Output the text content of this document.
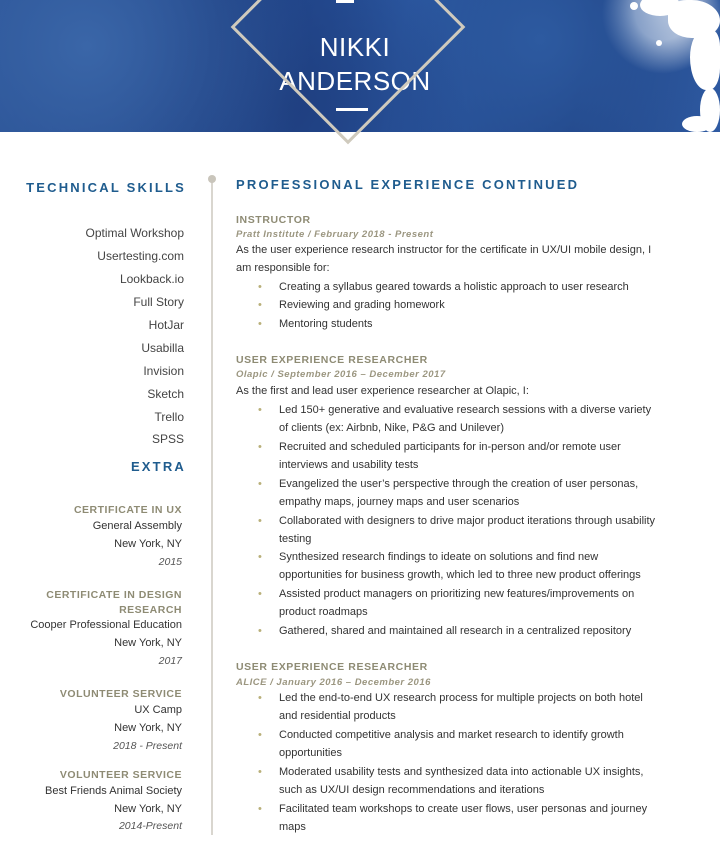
NIKKI
ANDERSON
TECHNICAL SKILLS
Optimal Workshop
Usertesting.com
Lookback.io
Full Story
HotJar
Usabilla
Invision
Sketch
Trello
SPSS
EXTRA
CERTIFICATE IN UX
General Assembly
New York, NY
2015
CERTIFICATE IN DESIGN
RESEARCH
Cooper Professional Education
New York, NY
2017
VOLUNTEER SERVICE
UX Camp
New York, NY
2018 - Present
VOLUNTEER SERVICE
Best Friends Animal Society
New York, NY
2014-Present
PROFESSIONAL EXPERIENCE CONTINUED
INSTRUCTOR
Pratt Institute / February 2018 - Present
As the user experience research instructor for the certificate in UX/UI mobile design, I am responsible for:
• Creating a syllabus geared towards a holistic approach to user research
• Reviewing and grading homework
• Mentoring students
USER EXPERIENCE RESEARCHER
Olapic / September 2016 – December 2017
As the first and lead user experience researcher at Olapic, I:
• Led 150+ generative and evaluative research sessions with a diverse variety of clients (ex: Airbnb, Nike, P&G and Unilever)
• Recruited and scheduled participants for in-person and/or remote user interviews and usability tests
• Evangelized the user’s perspective through the creation of user personas, empathy maps, journey maps and user scenarios
• Collaborated with designers to drive major product iterations through usability testing
• Synthesized research findings to ideate on solutions and find new opportunities for business growth, which led to three new product offerings
• Assisted product managers on prioritizing new features/improvements on product roadmaps
• Gathered, shared and maintained all research in a centralized repository
USER EXPERIENCE RESEARCHER
ALICE / January 2016 – December 2016
• Led the end-to-end UX research process for multiple projects on both hotel and residential products
• Conducted competitive analysis and market research to identify growth opportunities
• Moderated usability tests and synthesized data into actionable UX insights, such as UX/UI design recommendations and iterations
• Facilitated team workshops to create user flows, user personas and journey maps
